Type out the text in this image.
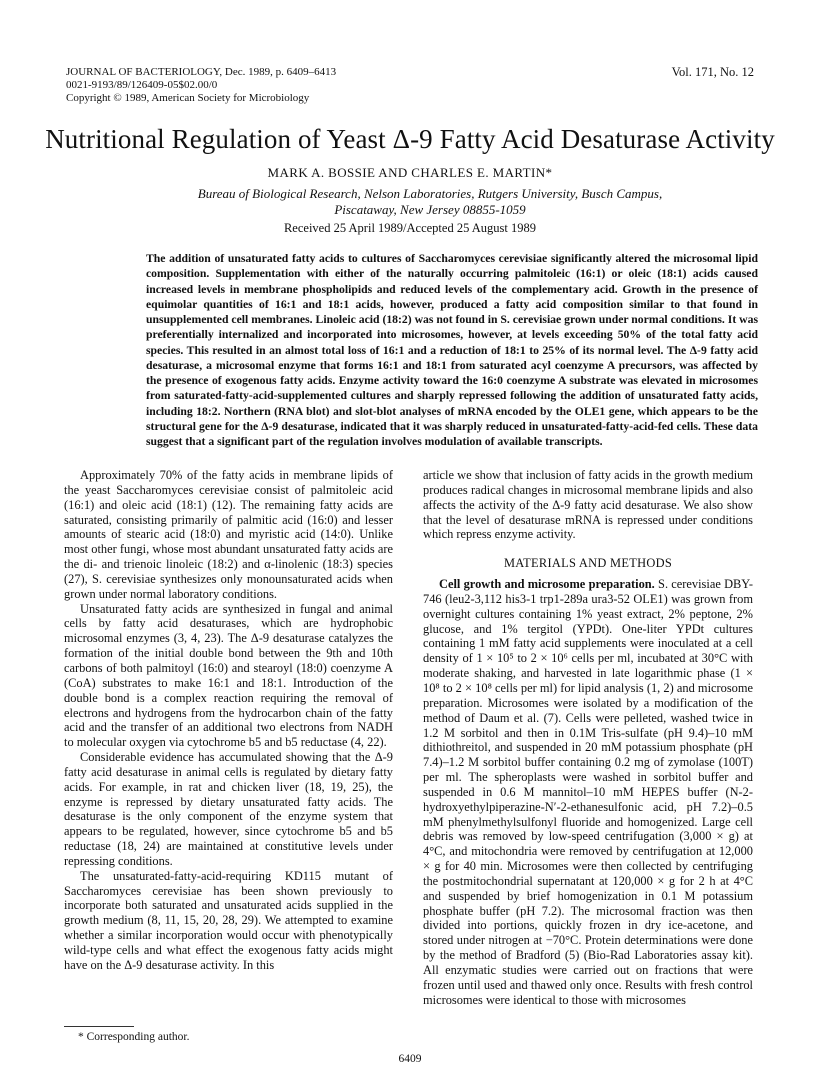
JOURNAL OF BACTERIOLOGY, Dec. 1989, p. 6409–6413
0021-9193/89/126409-05$02.00/0
Copyright © 1989, American Society for Microbiology
Vol. 171, No. 12
Nutritional Regulation of Yeast Δ-9 Fatty Acid Desaturase Activity
MARK A. BOSSIE AND CHARLES E. MARTIN*
Bureau of Biological Research, Nelson Laboratories, Rutgers University, Busch Campus,
Piscataway, New Jersey 08855-1059
Received 25 April 1989/Accepted 25 August 1989
The addition of unsaturated fatty acids to cultures of Saccharomyces cerevisiae significantly altered the microsomal lipid composition. Supplementation with either of the naturally occurring palmitoleic (16:1) or oleic (18:1) acids caused increased levels in membrane phospholipids and reduced levels of the complementary acid. Growth in the presence of equimolar quantities of 16:1 and 18:1 acids, however, produced a fatty acid composition similar to that found in unsupplemented cell membranes. Linoleic acid (18:2) was not found in S. cerevisiae grown under normal conditions. It was preferentially internalized and incorporated into microsomes, however, at levels exceeding 50% of the total fatty acid species. This resulted in an almost total loss of 16:1 and a reduction of 18:1 to 25% of its normal level. The Δ-9 fatty acid desaturase, a microsomal enzyme that forms 16:1 and 18:1 from saturated acyl coenzyme A precursors, was affected by the presence of exogenous fatty acids. Enzyme activity toward the 16:0 coenzyme A substrate was elevated in microsomes from saturated-fatty-acid-supplemented cultures and sharply repressed following the addition of unsaturated fatty acids, including 18:2. Northern (RNA blot) and slot-blot analyses of mRNA encoded by the OLE1 gene, which appears to be the structural gene for the Δ-9 desaturase, indicated that it was sharply reduced in unsaturated-fatty-acid-fed cells. These data suggest that a significant part of the regulation involves modulation of available transcripts.

Approximately 70% of the fatty acids in membrane lipids of the yeast Saccharomyces cerevisiae consist of palmitoleic acid (16:1) and oleic acid (18:1) (12). The remaining fatty acids are saturated, consisting primarily of palmitic acid (16:0) and lesser amounts of stearic acid (18:0) and myristic acid (14:0). Unlike most other fungi, whose most abundant unsaturated fatty acids are the di- and trienoic linoleic (18:2) and α-linolenic (18:3) species (27), S. cerevisiae synthesizes only monounsaturated acids when grown under normal laboratory conditions.

Unsaturated fatty acids are synthesized in fungal and animal cells by fatty acid desaturases, which are hydrophobic microsomal enzymes (3, 4, 23). The Δ-9 desaturase catalyzes the formation of the initial double bond between the 9th and 10th carbons of both palmitoyl (16:0) and stearoyl (18:0) coenzyme A (CoA) substrates to make 16:1 and 18:1. Introduction of the double bond is a complex reaction requiring the removal of electrons and hydrogens from the hydrocarbon chain of the fatty acid and the transfer of an additional two electrons from NADH to molecular oxygen via cytochrome b5 and b5 reductase (4, 22).

Considerable evidence has accumulated showing that the Δ-9 fatty acid desaturase in animal cells is regulated by dietary fatty acids. For example, in rat and chicken liver (18, 19, 25), the enzyme is repressed by dietary unsaturated fatty acids. The desaturase is the only component of the enzyme system that appears to be regulated, however, since cytochrome b5 and b5 reductase (18, 24) are maintained at constitutive levels under repressing conditions.

The unsaturated-fatty-acid-requiring KD115 mutant of Saccharomyces cerevisiae has been shown previously to incorporate both saturated and unsaturated acids supplied in the growth medium (8, 11, 15, 20, 28, 29). We attempted to examine whether a similar incorporation would occur with phenotypically wild-type cells and what effect the exogenous fatty acids might have on the Δ-9 desaturase activity. In this

article we show that inclusion of fatty acids in the growth medium produces radical changes in microsomal membrane lipids and also affects the activity of the Δ-9 fatty acid desaturase. We also show that the level of desaturase mRNA is repressed under conditions which repress enzyme activity.

MATERIALS AND METHODS

Cell growth and microsome preparation. S. cerevisiae DBY-746 (leu2-3,112 his3-1 trp1-289a ura3-52 OLE1) was grown from overnight cultures containing 1% yeast extract, 2% peptone, 2% glucose, and 1% tergitol (YPDt). One-liter YPDt cultures containing 1 mM fatty acid supplements were inoculated at a cell density of 1 × 10⁵ to 2 × 10⁶ cells per ml, incubated at 30°C with moderate shaking, and harvested in late logarithmic phase (1 × 10⁸ to 2 × 10⁸ cells per ml) for lipid analysis (1, 2) and microsome preparation. Microsomes were isolated by a modification of the method of Daum et al. (7). Cells were pelleted, washed twice in 1.2 M sorbitol and then in 0.1M Tris-sulfate (pH 9.4)–10 mM dithiothreitol, and suspended in 20 mM potassium phosphate (pH 7.4)–1.2 M sorbitol buffer containing 0.2 mg of zymolase (100T) per ml. The spheroplasts were washed in sorbitol buffer and suspended in 0.6 M mannitol–10 mM HEPES buffer (N-2-hydroxyethylpiperazine-N′-2-ethanesulfonic acid, pH 7.2)–0.5 mM phenylmethylsulfonyl fluoride and homogenized. Large cell debris was removed by low-speed centrifugation (3,000 × g) at 4°C, and mitochondria were removed by centrifugation at 12,000 × g for 40 min. Microsomes were then collected by centrifuging the postmitochondrial supernatant at 120,000 × g for 2 h at 4°C and suspended by brief homogenization in 0.1 M potassium phosphate buffer (pH 7.2). The microsomal fraction was then divided into portions, quickly frozen in dry ice-acetone, and stored under nitrogen at −70°C. Protein determinations were done by the method of Bradford (5) (Bio-Rad Laboratories assay kit). All enzymatic studies were carried out on fractions that were frozen until used and thawed only once. Results with fresh control microsomes were identical to those with microsomes

* Corresponding author.
6409
